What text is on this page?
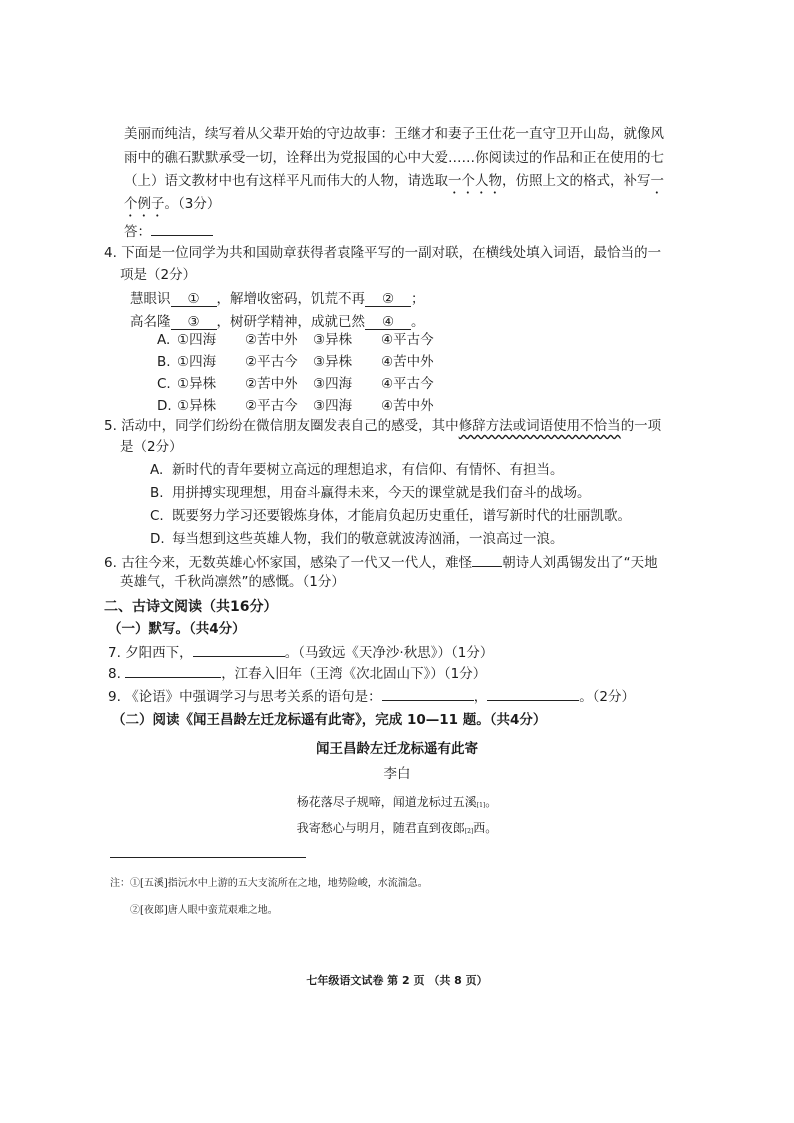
美丽而纯洁，续写着从父辈开始的守边故事：王继才和妻子王仕花一直守卫开山岛，就像风
雨中的礁石默默承受一切，诠释出为党报国的心中大爱……你阅读过的作品和正在使用的七
（上）语文教材中也有这样平凡而伟大的人物，请选取一个人物，仿照上文的格式，补写一
个例子。（3分）
答：
4. 下面是一位同学为共和国勋章获得者袁隆平写的一副对联，在横线处填入词语，最恰当的一
项是（2分）
慧眼识 ① ，解增收密码，饥荒不再 ② ；
高名隆 ③ ，树研学精神，成就已然 ④ 。
A. ①四海 ②苦中外 ③异株 ④平古今
B. ①四海 ②平古今 ③异株 ④苦中外
C. ①异株 ②苦中外 ③四海 ④平古今
D. ①异株 ②平古今 ③四海 ④苦中外
5. 活动中，同学们纷纷在微信朋友圈发表自己的感受，其中修辞方法或词语使用不恰当的一项
是（2分）
A. 新时代的青年要树立高远的理想追求，有信仰、有情怀、有担当。
B. 用拼搏实现理想，用奋斗赢得未来，今天的课堂就是我们奋斗的战场。
C. 既要努力学习还要锻炼身体，才能肩负起历史重任，谱写新时代的壮丽凯歌。
D. 每当想到这些英雄人物，我们的敬意就波涛汹涌，一浪高过一浪。
6. 古往今来，无数英雄心怀家国，感染了一代又一代人，难怪 朝诗人刘禹锡发出了“天地
英雄气，千秋尚凛然”的感慨。（1分）
二、古诗文阅读（共16分）
（一）默写。（共4分）
7. 夕阳西下，	。（马致远《天净沙·秋思》）（1分）
8.	，江春入旧年（王湾《次北固山下》）（1分）
9. 《论语》中强调学习与思考关系的语句是：	，	。（2分）
（二）阅读《闻王昌龄左迁龙标遥有此寄》，完成 10—11 题。（共4分）
闻王昌龄左迁龙标遥有此寄
李白
杨花落尽子规啼，闻道龙标过五溪[1]。
我寄愁心与明月，随君直到夜郎[2]西。
注：①[五溪]指沅水中上游的五大支流所在之地，地势险峻，水流湍急。
②[夜郎]唐人眼中蛮荒艰难之地。
七年级语文试卷 第 2 页 （共 8 页）
